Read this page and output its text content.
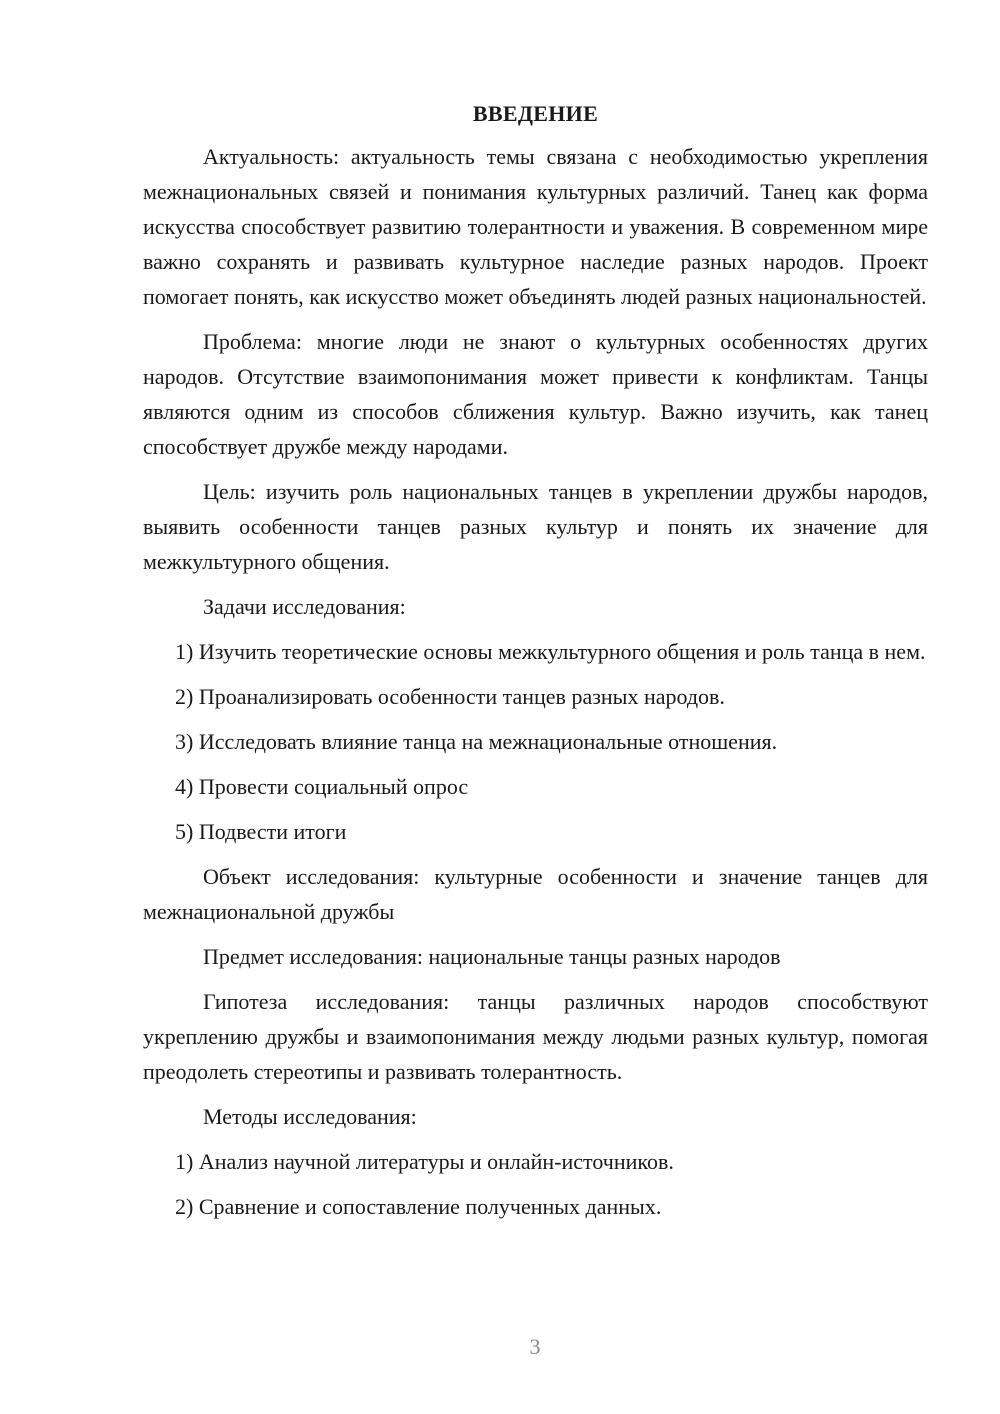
ВВЕДЕНИЕ

Актуальность: актуальность темы связана с необходимостью укрепления межнациональных связей и понимания культурных различий. Танец как форма искусства способствует развитию толерантности и уважения. В современном мире важно сохранять и развивать культурное наследие разных народов. Проект помогает понять, как искусство может объединять людей разных национальностей.

Проблема: многие люди не знают о культурных особенностях других народов. Отсутствие взаимопонимания может привести к конфликтам. Танцы являются одним из способов сближения культур. Важно изучить, как танец способствует дружбе между народами.

Цель: изучить роль национальных танцев в укреплении дружбы народов, выявить особенности танцев разных культур и понять их значение для межкультурного общения.

Задачи исследования:

1) Изучить теоретические основы межкультурного общения и роль танца в нем.

2) Проанализировать особенности танцев разных народов.

3) Исследовать влияние танца на межнациональные отношения.

4) Провести социальный опрос

5) Подвести итоги

Объект исследования: культурные особенности и значение танцев для межнациональной дружбы

Предмет исследования: национальные танцы разных народов

Гипотеза исследования: танцы различных народов способствуют укреплению дружбы и взаимопонимания между людьми разных культур, помогая преодолеть стереотипы и развивать толерантность.

Методы исследования:

1) Анализ научной литературы и онлайн-источников.

2) Сравнение и сопоставление полученных данных.

3
